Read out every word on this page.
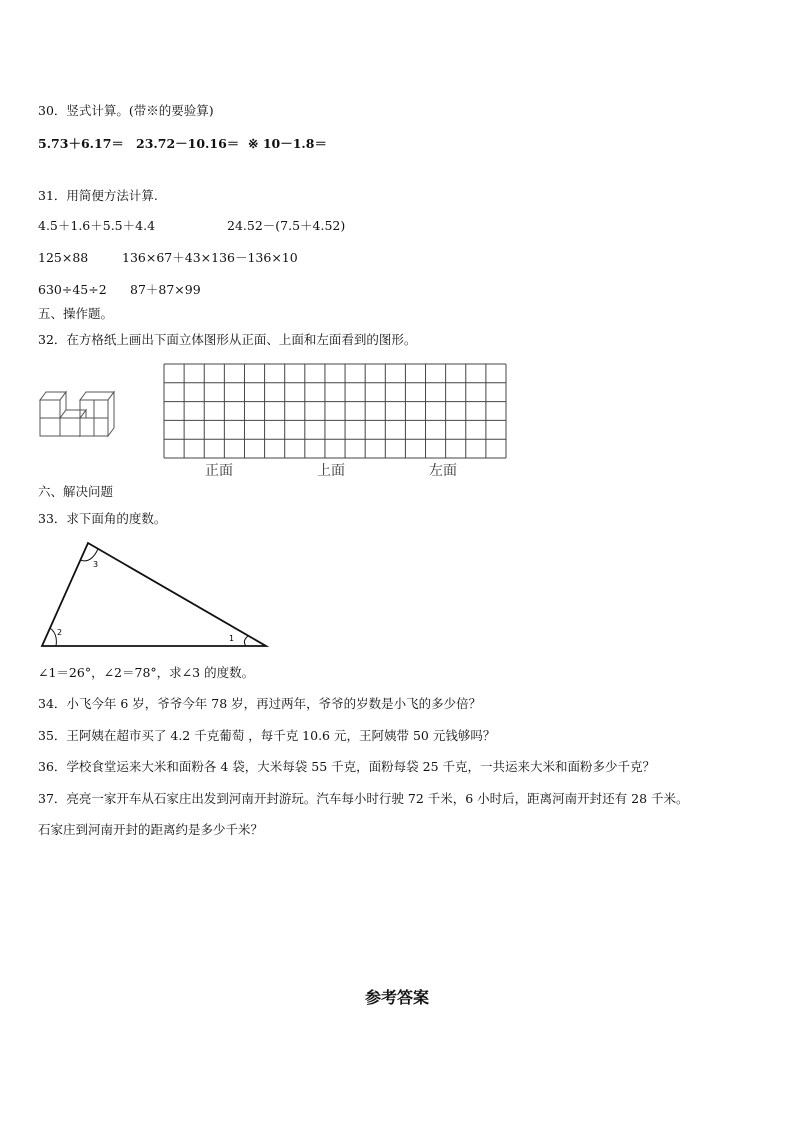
30．竖式计算。(带※的要验算)
5.73＋6.17＝ 23.72－10.16＝ ※ 10－1.8＝
31．用简便方法计算.
4.5＋1.6＋5.5＋4.4	24.52－(7.5＋4.52)
125×88	136×67＋43×136－136×10
630÷45÷2 87＋87×99
五、操作题。
32．在方格纸上画出下面立体图形从正面、上面和左面看到的图形。
正面	上面	左面
六、解决问题
33．求下面角的度数。
3
2
1
∠1＝26°，∠2＝78°，求∠3 的度数。
34．小飞今年 6 岁，爷爷今年 78 岁，再过两年，爷爷的岁数是小飞的多少倍？
35．王阿姨在超市买了 4.2 千克葡萄 ，每千克 10.6 元，王阿姨带 50 元钱够吗？
36．学校食堂运来大米和面粉各 4 袋，大米每袋 55 千克，面粉每袋 25 千克，一共运来大米和面粉多少千克？
37．亮亮一家开车从石家庄出发到河南开封游玩。汽车每小时行驶 72 千米，6 小时后，距离河南开封还有 28 千米。
石家庄到河南开封的距离约是多少千米？
参考答案
